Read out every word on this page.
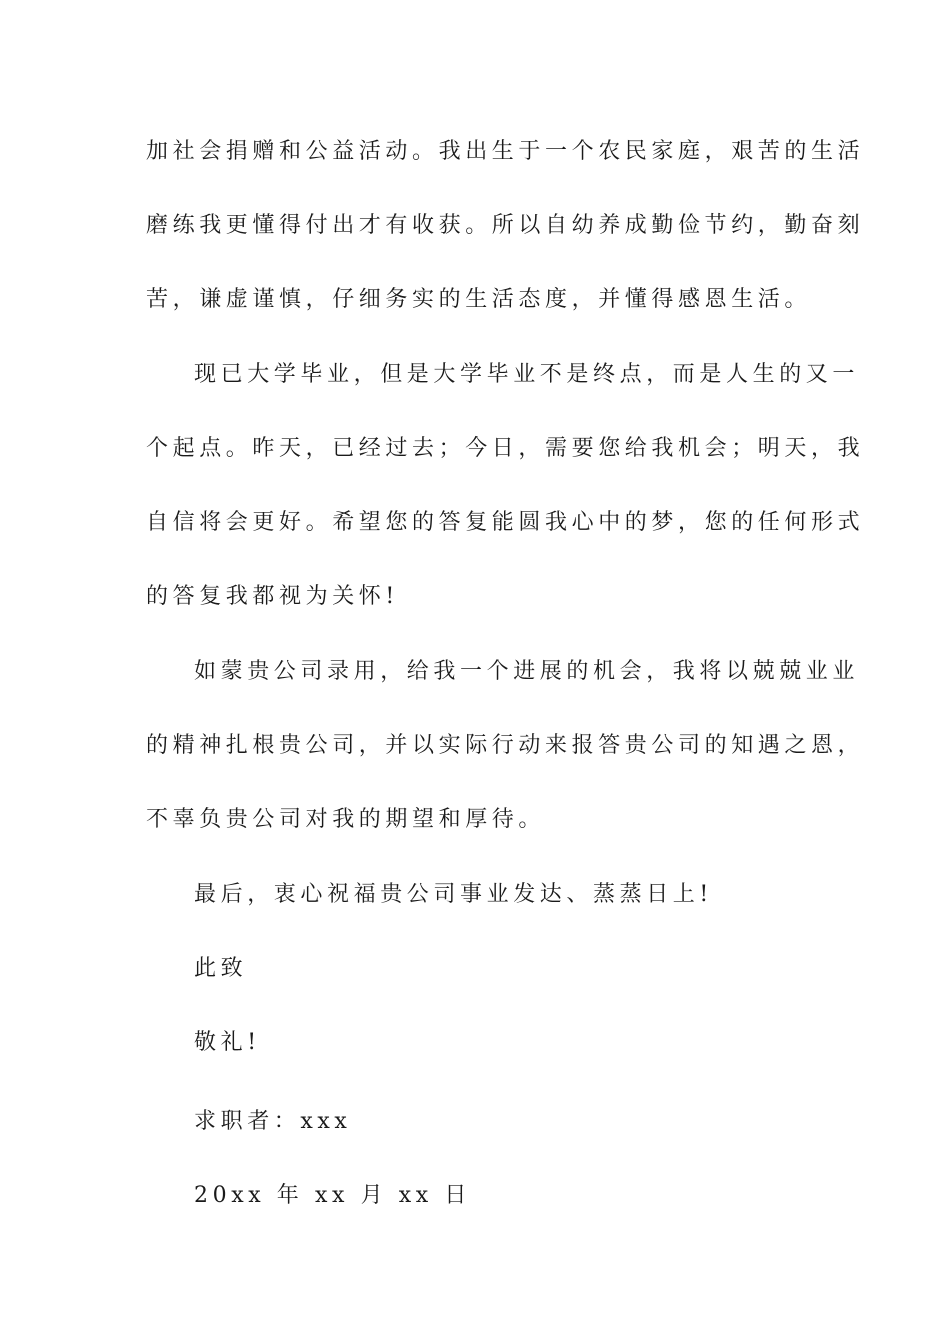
加社会捐赠和公益活动。我出生于一个农民家庭，艰苦的生活
磨练我更懂得付出才有收获。所以自幼养成勤俭节约，勤奋刻
苦，谦虚谨慎，仔细务实的生活态度，并懂得感恩生活。
现已大学毕业，但是大学毕业不是终点，而是人生的又一
个起点。昨天，已经过去；今日，需要您给我机会；明天，我
自信将会更好。希望您的答复能圆我心中的梦，您的任何形式
的答复我都视为关怀!
如蒙贵公司录用，给我一个进展的机会，我将以兢兢业业
的精神扎根贵公司，并以实际行动来报答贵公司的知遇之恩，
不辜负贵公司对我的期望和厚待。
最后，衷心祝福贵公司事业发达、蒸蒸日上!
此致
敬礼!
求职者：xxx
20xx 年 xx 月 xx 日
